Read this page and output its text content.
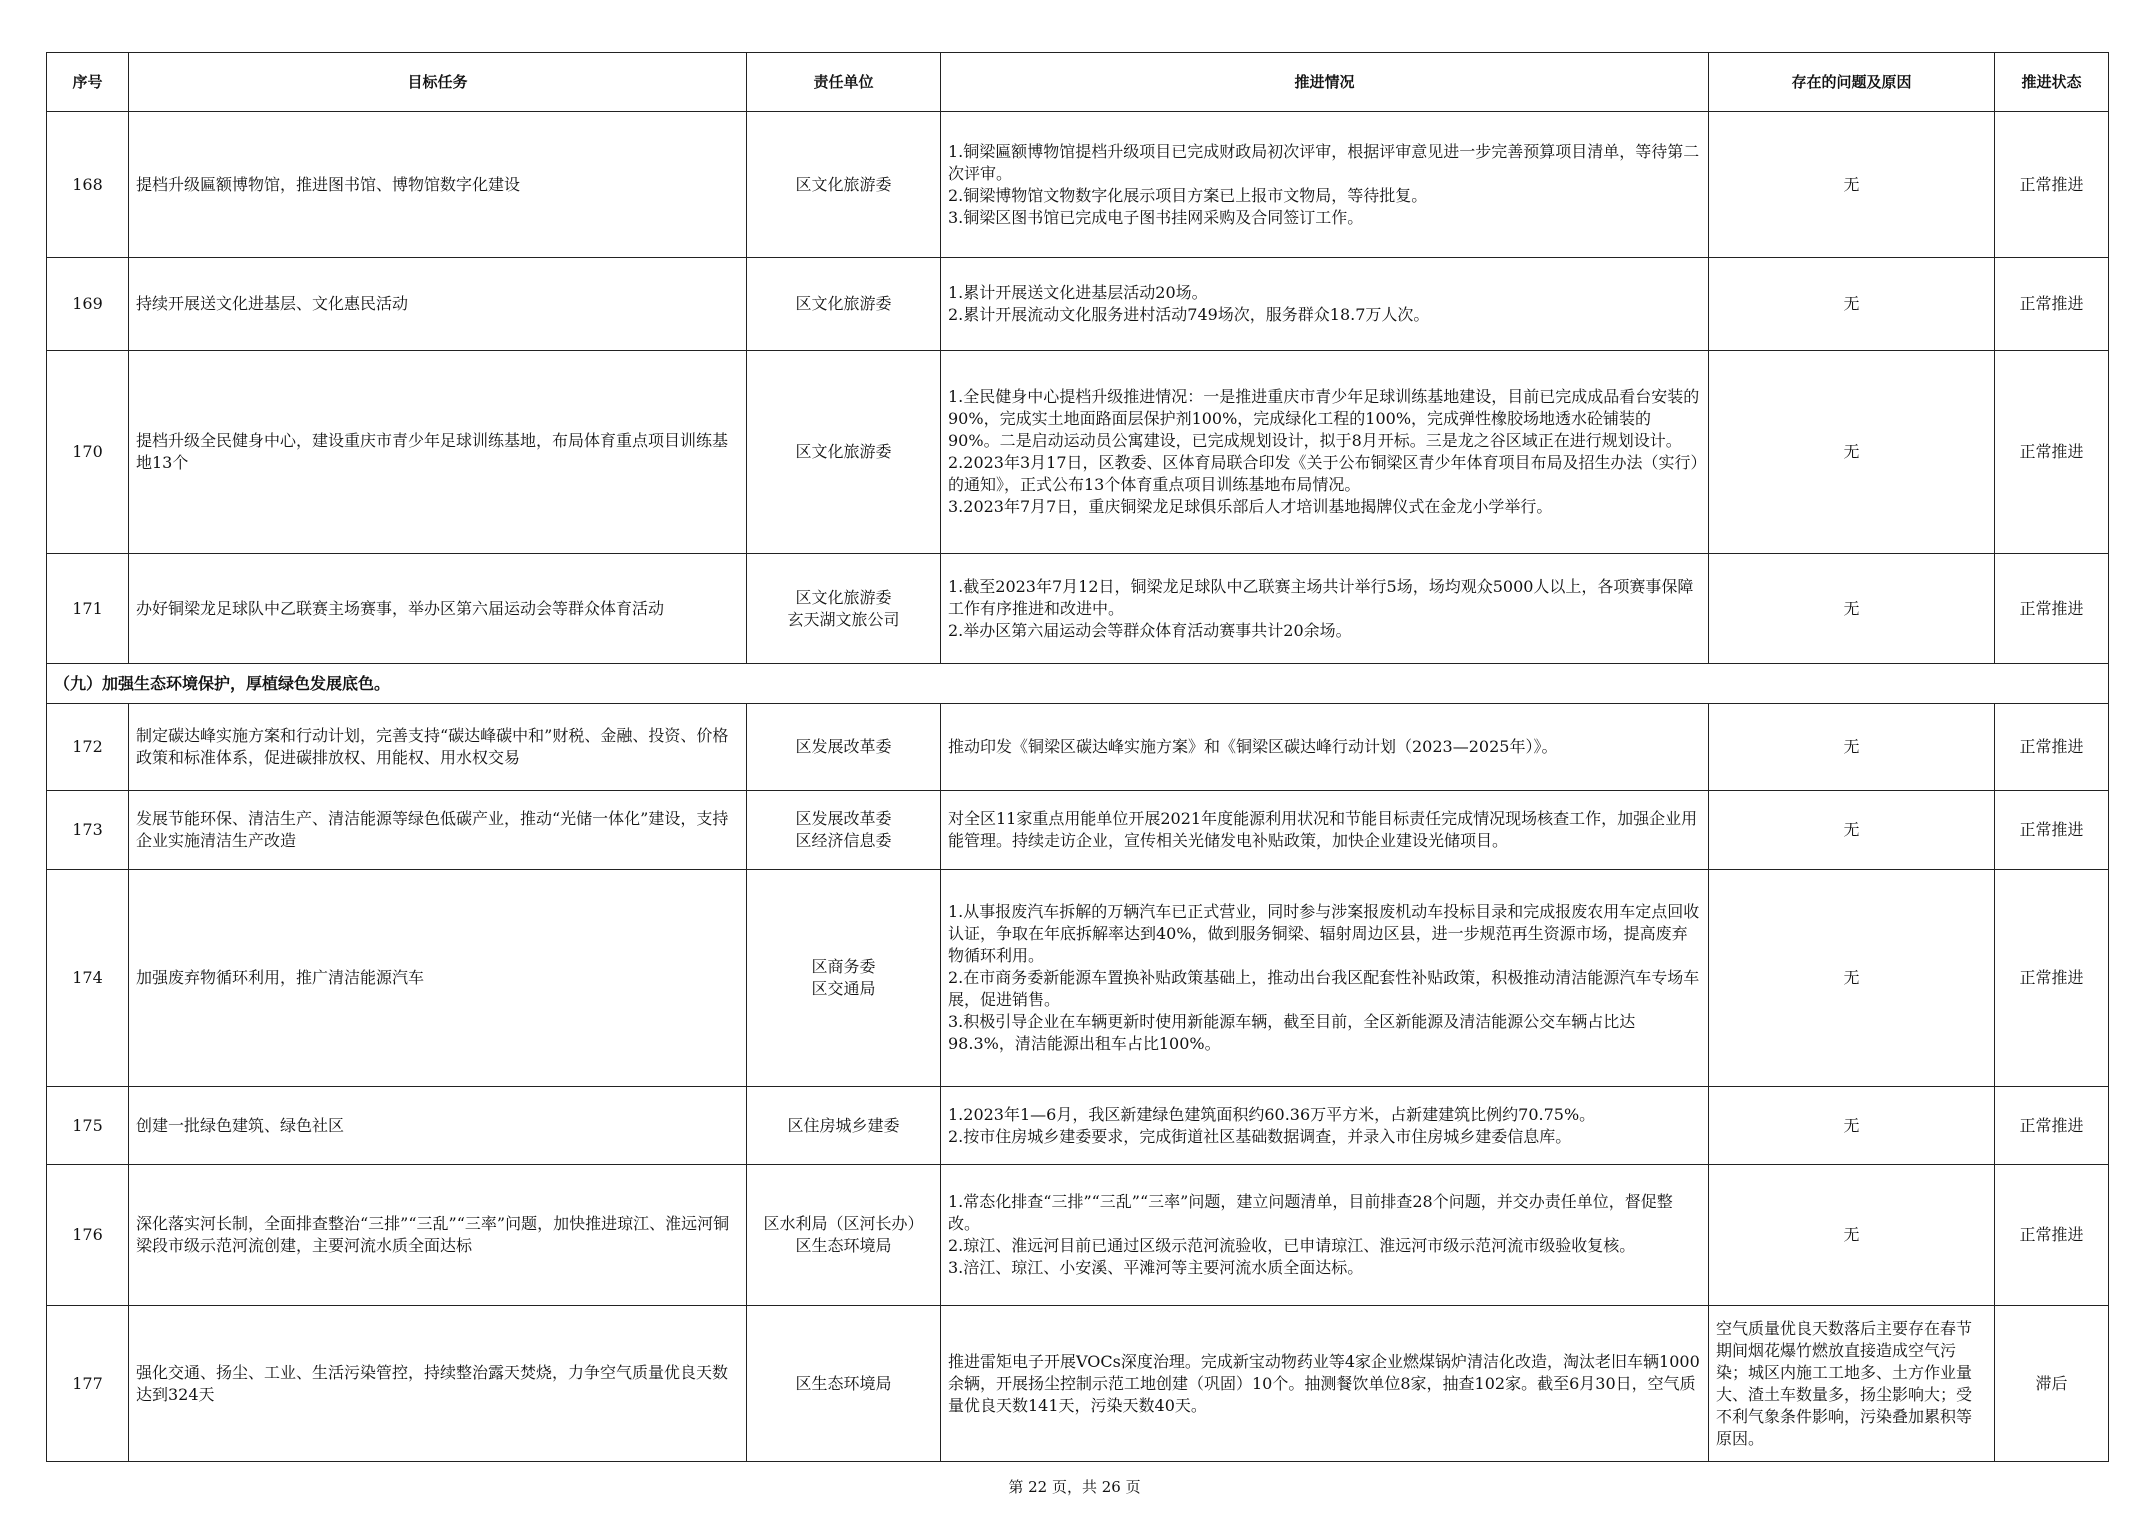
序号	目标任务	责任单位	推进情况	存在的问题及原因	推进状态
168	提档升级匾额博物馆，推进图书馆、博物馆数字化建设	区文化旅游委	1.铜梁匾额博物馆提档升级项目已完成财政局初次评审，根据评审意见进一步完善预算项目清单，等待第二次评审。
2.铜梁博物馆文物数字化展示项目方案已上报市文物局，等待批复。
3.铜梁区图书馆已完成电子图书挂网采购及合同签订工作。	无	正常推进
169	持续开展送文化进基层、文化惠民活动	区文化旅游委	1.累计开展送文化进基层活动20场。
2.累计开展流动文化服务进村活动749场次，服务群众18.7万人次。	无	正常推进
170	提档升级全民健身中心，建设重庆市青少年足球训练基地，布局体育重点项目训练基地13个	区文化旅游委	1.全民健身中心提档升级推进情况：一是推进重庆市青少年足球训练基地建设，目前已完成成品看台安装的90%，完成实土地面路面层保护剂100%，完成绿化工程的100%，完成弹性橡胶场地透水砼铺装的90%。二是启动运动员公寓建设，已完成规划设计，拟于8月开标。三是龙之谷区域正在进行规划设计。
2.2023年3月17日，区教委、区体育局联合印发《关于公布铜梁区青少年体育项目布局及招生办法（实行）的通知》，正式公布13个体育重点项目训练基地布局情况。
3.2023年7月7日，重庆铜梁龙足球俱乐部后人才培训基地揭牌仪式在金龙小学举行。	无	正常推进
171	办好铜梁龙足球队中乙联赛主场赛事，举办区第六届运动会等群众体育活动	区文化旅游委
玄天湖文旅公司	1.截至2023年7月12日，铜梁龙足球队中乙联赛主场共计举行5场，场均观众5000人以上，各项赛事保障工作有序推进和改进中。
2.举办区第六届运动会等群众体育活动赛事共计20余场。	无	正常推进
（九）加强生态环境保护，厚植绿色发展底色。					
172	制定碳达峰实施方案和行动计划，完善支持“碳达峰碳中和”财税、金融、投资、价格政策和标准体系，促进碳排放权、用能权、用水权交易	区发展改革委	推动印发《铜梁区碳达峰实施方案》和《铜梁区碳达峰行动计划（2023—2025年）》。	无	正常推进
173	发展节能环保、清洁生产、清洁能源等绿色低碳产业，推动“光储一体化”建设，支持企业实施清洁生产改造	区发展改革委
区经济信息委	对全区11家重点用能单位开展2021年度能源利用状况和节能目标责任完成情况现场核查工作，加强企业用能管理。持续走访企业，宣传相关光储发电补贴政策，加快企业建设光储项目。	无	正常推进
174	加强废弃物循环利用，推广清洁能源汽车	区商务委
区交通局	1.从事报废汽车拆解的万辆汽车已正式营业，同时参与涉案报废机动车投标目录和完成报废农用车定点回收认证，争取在年底拆解率达到40%，做到服务铜梁、辐射周边区县，进一步规范再生资源市场，提高废弃物循环利用。
2.在市商务委新能源车置换补贴政策基础上，推动出台我区配套性补贴政策，积极推动清洁能源汽车专场车展，促进销售。
3.积极引导企业在车辆更新时使用新能源车辆，截至目前，全区新能源及清洁能源公交车辆占比达98.3%，清洁能源出租车占比100%。	无	正常推进
175	创建一批绿色建筑、绿色社区	区住房城乡建委	1.2023年1—6月，我区新建绿色建筑面积约60.36万平方米，占新建建筑比例约70.75%。
2.按市住房城乡建委要求，完成街道社区基础数据调查，并录入市住房城乡建委信息库。	无	正常推进
176	深化落实河长制，全面排查整治“三排”“三乱”“三率”问题，加快推进琼江、淮远河铜梁段市级示范河流创建，主要河流水质全面达标	区水利局（区河长办）
区生态环境局	1.常态化排查“三排”“三乱”“三率”问题，建立问题清单，目前排查28个问题，并交办责任单位，督促整改。
2.琼江、淮远河目前已通过区级示范河流验收，已申请琼江、淮远河市级示范河流市级验收复核。
3.涪江、琼江、小安溪、平滩河等主要河流水质全面达标。	无	正常推进
177	强化交通、扬尘、工业、生活污染管控，持续整治露天焚烧，力争空气质量优良天数达到324天	区生态环境局	推进雷矩电子开展VOCs深度治理。完成新宝动物药业等4家企业燃煤锅炉清洁化改造，淘汰老旧车辆1000余辆，开展扬尘控制示范工地创建（巩固）10个。抽测餐饮单位8家，抽查102家。截至6月30日，空气质量优良天数141天，污染天数40天。	空气质量优良天数落后主要存在春节期间烟花爆竹燃放直接造成空气污染；城区内施工工地多、土方作业量大、渣土车数量多，扬尘影响大；受不利气象条件影响，污染叠加累积等原因。	滞后
第 22 页，共 26 页
